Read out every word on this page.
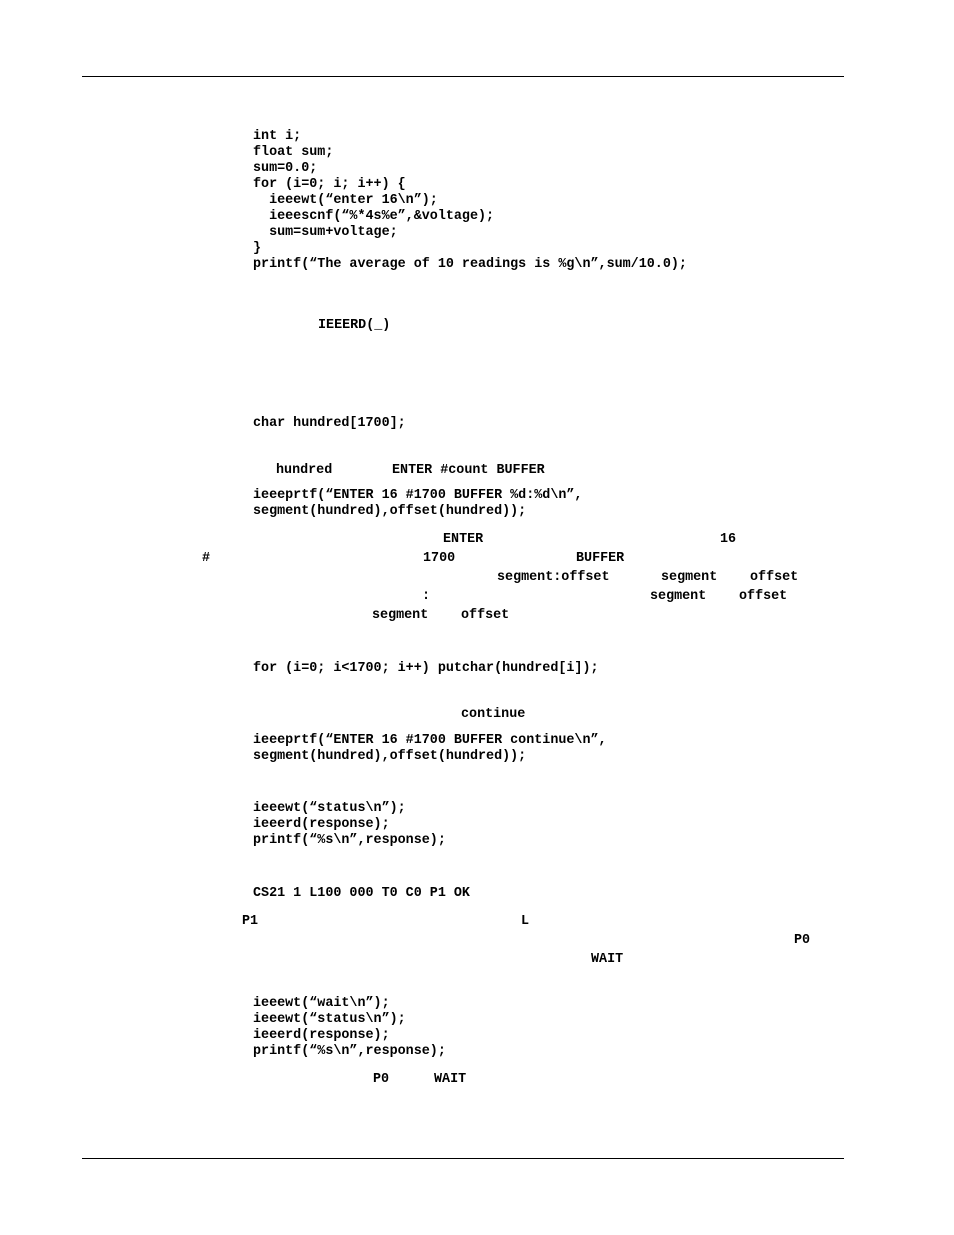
int i;
float sum;
sum=0.0;
for (i=0; i; i++) {
ieeewt(“enter 16\n”);
ieeescnf(“%*4s%e”,&voltage);
sum=sum+voltage;
}
printf(“The average of 10 readings is %g\n”,sum/10.0);
IEEERD(_)
char hundred[1700];
hundred	ENTER #count BUFFER
ieeeprtf(“ENTER 16 #1700 BUFFER %d:%d\n”,
segment(hundred),offset(hundred));
ENTER	16
#	1700	BUFFER
segment:offset	segment offset
:	segment offset
segment offset
for (i=0; i<1700; i++) putchar(hundred[i]);
continue
ieeeprtf(“ENTER 16 #1700 BUFFER continue\n”,
segment(hundred),offset(hundred));
ieeewt(“status\n”);
ieeerd(response);
printf(“%s\n”,response);
CS21 1 L100 000 T0 C0 P1 OK
P1	L
P0
WAIT
ieeewt(“wait\n”);
ieeewt(“status\n”);
ieeerd(response);
printf(“%s\n”,response);
P0	WAIT
